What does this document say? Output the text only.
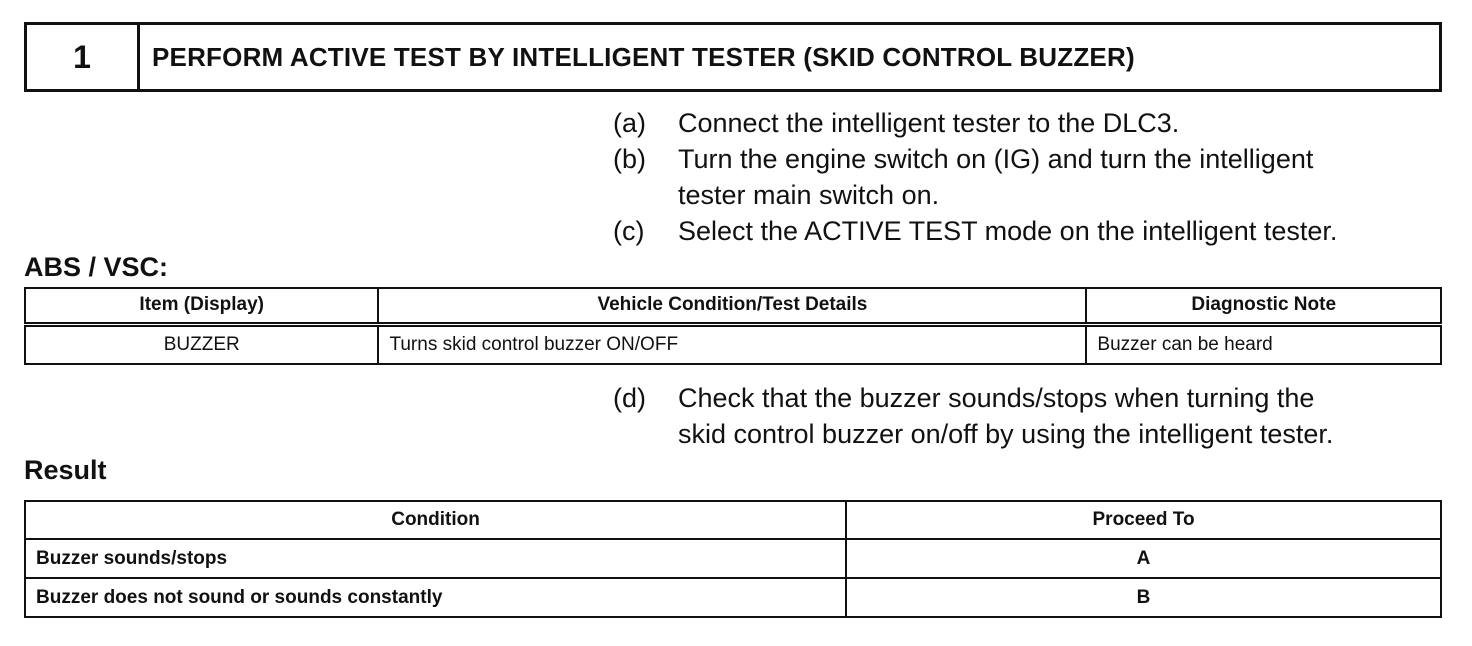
1	PERFORM ACTIVE TEST BY INTELLIGENT TESTER (SKID CONTROL BUZZER)
(a)	Connect the intelligent tester to the DLC3.
(b)	Turn the engine switch on (IG) and turn the intelligent
tester main switch on.
(c)	Select the ACTIVE TEST mode on the intelligent tester.
ABS / VSC:
Item (Display)	Vehicle Condition/Test Details	Diagnostic Note
BUZZER	Turns skid control buzzer ON/OFF	Buzzer can be heard
(d)	Check that the buzzer sounds/stops when turning the
skid control buzzer on/off by using the intelligent tester.
Result
Condition	Proceed To
Buzzer sounds/stops	A
Buzzer does not sound or sounds constantly	B
